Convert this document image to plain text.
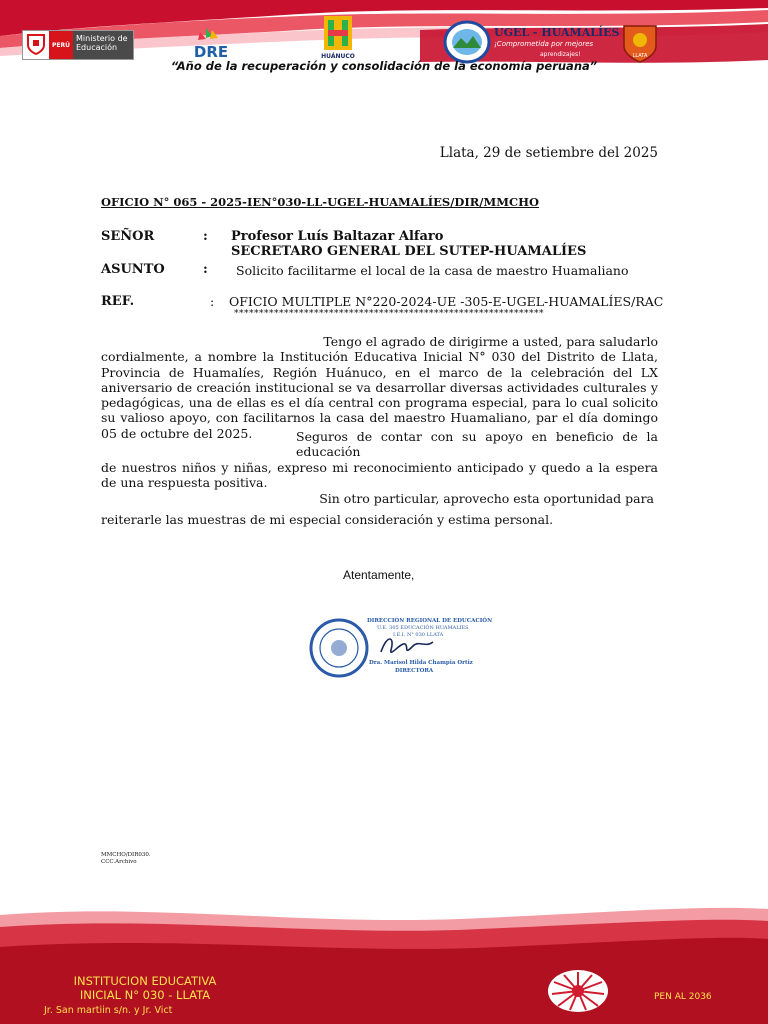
PERÚ
Ministerio de Educación	DRE	HUÁNUCO
UGEL - HUAMALÍES
¡Comprometida por mejores
aprendizajes!	LLATA
“Año de la recuperación y consolidación de la economía peruana”
Llata, 29 de setiembre del 2025
OFICIO N° 065 - 2025-IEN°030-LL-UGEL-HUAMALÍES/DIR/MMCHO
SEÑOR	: Profesor Luís Baltazar Alfaro
SECRETARO GENERAL DEL SUTEP-HUAMALÍES
ASUNTO	: Solicito facilitarme el local de la casa de maestro Huamaliano
REF.	: OFICIO MULTIPLE N°220-2024-UE -305-E-UGEL-HUAMALÍES/RAC
**************************************************************
Tengo el agrado de dirigirme a usted, para saludarlo
cordialmente, a nombre la Institución Educativa Inicial N° 030 del Distrito de Llata, Provincia de Huamalíes, Región Huánuco, en el marco de la celebración del LX aniversario de creación institucional se va desarrollar diversas actividades culturales y pedagógicas, una de ellas es el día central con programa especial, para lo cual solicito su valioso apoyo, con facilitarnos la casa del maestro Huamaliano, par el día domingo 05 de octubre del 2025.	Seguros de contar con su apoyo en beneficio de la educación
de nuestros niños y niñas, expreso mi reconocimiento anticipado y quedo a la espera de una respuesta positiva.
Sin otro particular, aprovecho esta oportunidad para
reiterarle las muestras de mi especial consideración y estima personal.
Atentamente,
DIRECCIÓN REGIONAL DE EDUCACIÓN
U.E. 305 EDUCACIÓN HUAMALÍES
I.E.I. N° 030 LLATA
Dra. Marisol Hilda Champia Ortiz
DIRECTORA
MMCHO/DIR030.
CCC.Archivo
INSTITUCION EDUCATIVA
INICIAL N° 030 - LLATA
Jr. San martiin s/n. y Jr. Vict
PEN AL 2036
